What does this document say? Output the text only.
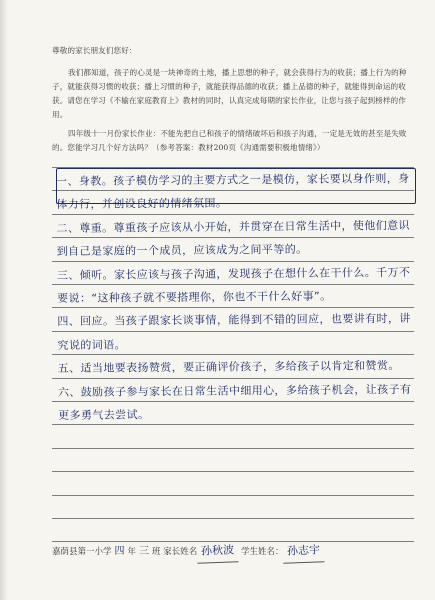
尊敬的家长朋友们您好：
我们都知道，孩子的心灵是一块神奇的土地，播上思想的种子，就会获得行为的收获；播上行为的种子，就能获得习惯的收获；播上习惯的种子，就能获得品德的收获；播上品德的种子，就能得到命运的收获。请您在学习《不输在家庭教育上》教材的同时，认真完成每期的家长作业，让您与孩子起到榜样的作用。
四年级十一月份家长作业：不能先把自己和孩子的情绪破坏后和孩子沟通，一定是无效的甚至是失败的。您能学习几个好方法吗？（参考答案：教材200页《沟通需要积极地情绪》）
一、身教。孩子模仿学习的主要方式之一是模仿，家长要以身作则，身体力行，并创设良好的情绪氛围。
二、尊重。尊重孩子应该从小开始，并贯穿在日常生活中，使他们意识到自己是家庭的一个成员，应该成为之间平等的。
三、倾听。家长应该与孩子沟通，发现孩子在想什么在干什么。千万不要说：“这种孩子就不要搭理你，你也不干什么好事”。
四、回应。当孩子跟家长谈事情，能得到不错的回应，也要讲有时，讲究说的词语。
五、适当地要表扬赞赏，要正确评价孩子，多给孩子以肯定和赞赏。
六、鼓励孩子参与家长在日常生活中细用心，多给孩子机会，让孩子有更多勇气去尝试。
嘉荫县第一小学 四 年 三 班 家长姓名 孙秋波 学生姓名： 孙志宇
